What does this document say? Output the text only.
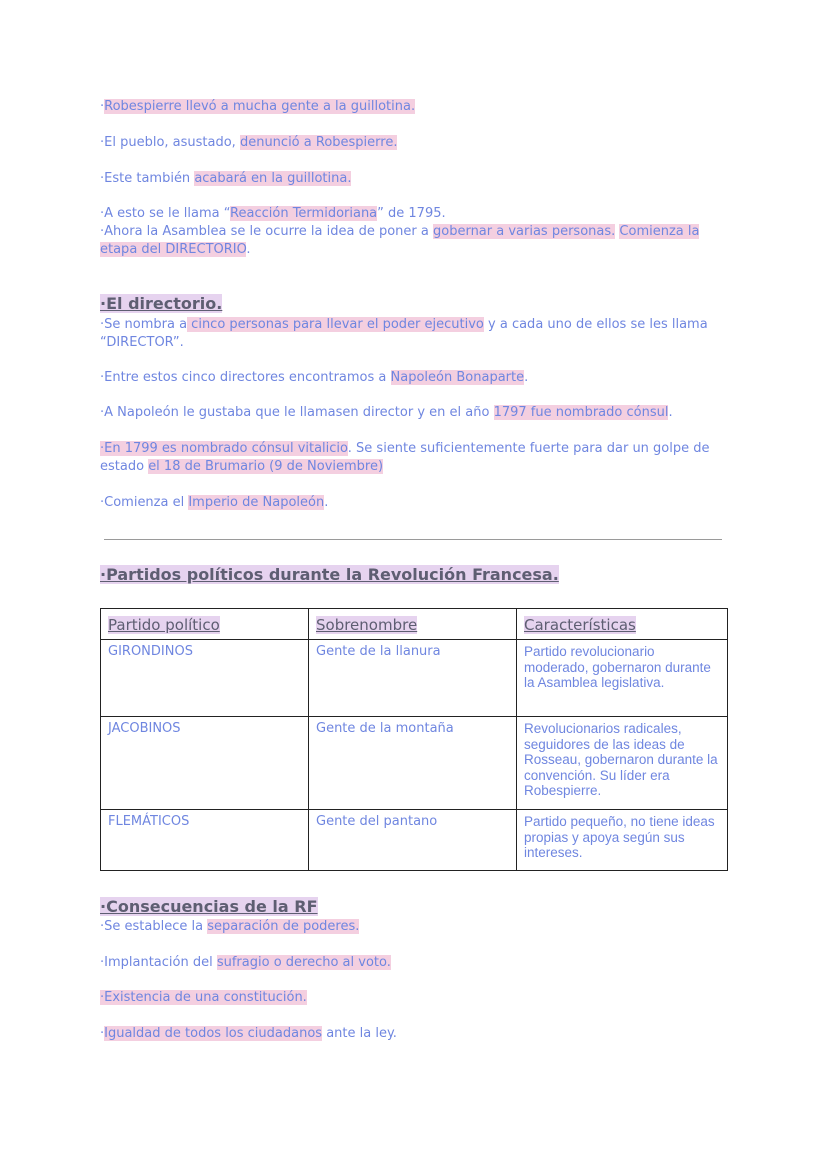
·Robespierre llevó a mucha gente a la guillotina.

·El pueblo, asustado, denunció a Robespierre.

·Este también acabará en la guillotina.

·A esto se le llama “Reacción Termidoriana” de 1795.

·Ahora la Asamblea se le ocurre la idea de poner a gobernar a varias personas. Comienza la etapa del DIRECTORIO.

·El directorio.

·Se nombra a cinco personas para llevar el poder ejecutivo y a cada uno de ellos se les llama “DIRECTOR”.

·Entre estos cinco directores encontramos a Napoleón Bonaparte.

·A Napoleón le gustaba que le llamasen director y en el año 1797 fue nombrado cónsul.

·En 1799 es nombrado cónsul vitalicio. Se siente suficientemente fuerte para dar un golpe de estado el 18 de Brumario (9 de Noviembre)

·Comienza el Imperio de Napoleón.

·Partidos políticos durante la Revolución Francesa.
Partido político	Sobrenombre	Características
GIRONDINOS	Gente de la llanura	Partido revolucionario moderado, gobernaron durante la Asamblea legislativa.
JACOBINOS	Gente de la montaña	Revolucionarios radicales, seguidores de las ideas de Rosseau, gobernaron durante la convención. Su líder era Robespierre.
FLEMÁTICOS	Gente del pantano	Partido pequeño, no tiene ideas propias y apoya según sus intereses.
·Consecuencias de la RF

·Se establece la separación de poderes.

·Implantación del sufragio o derecho al voto.

·Existencia de una constitución.

·Igualdad de todos los ciudadanos ante la ley.
